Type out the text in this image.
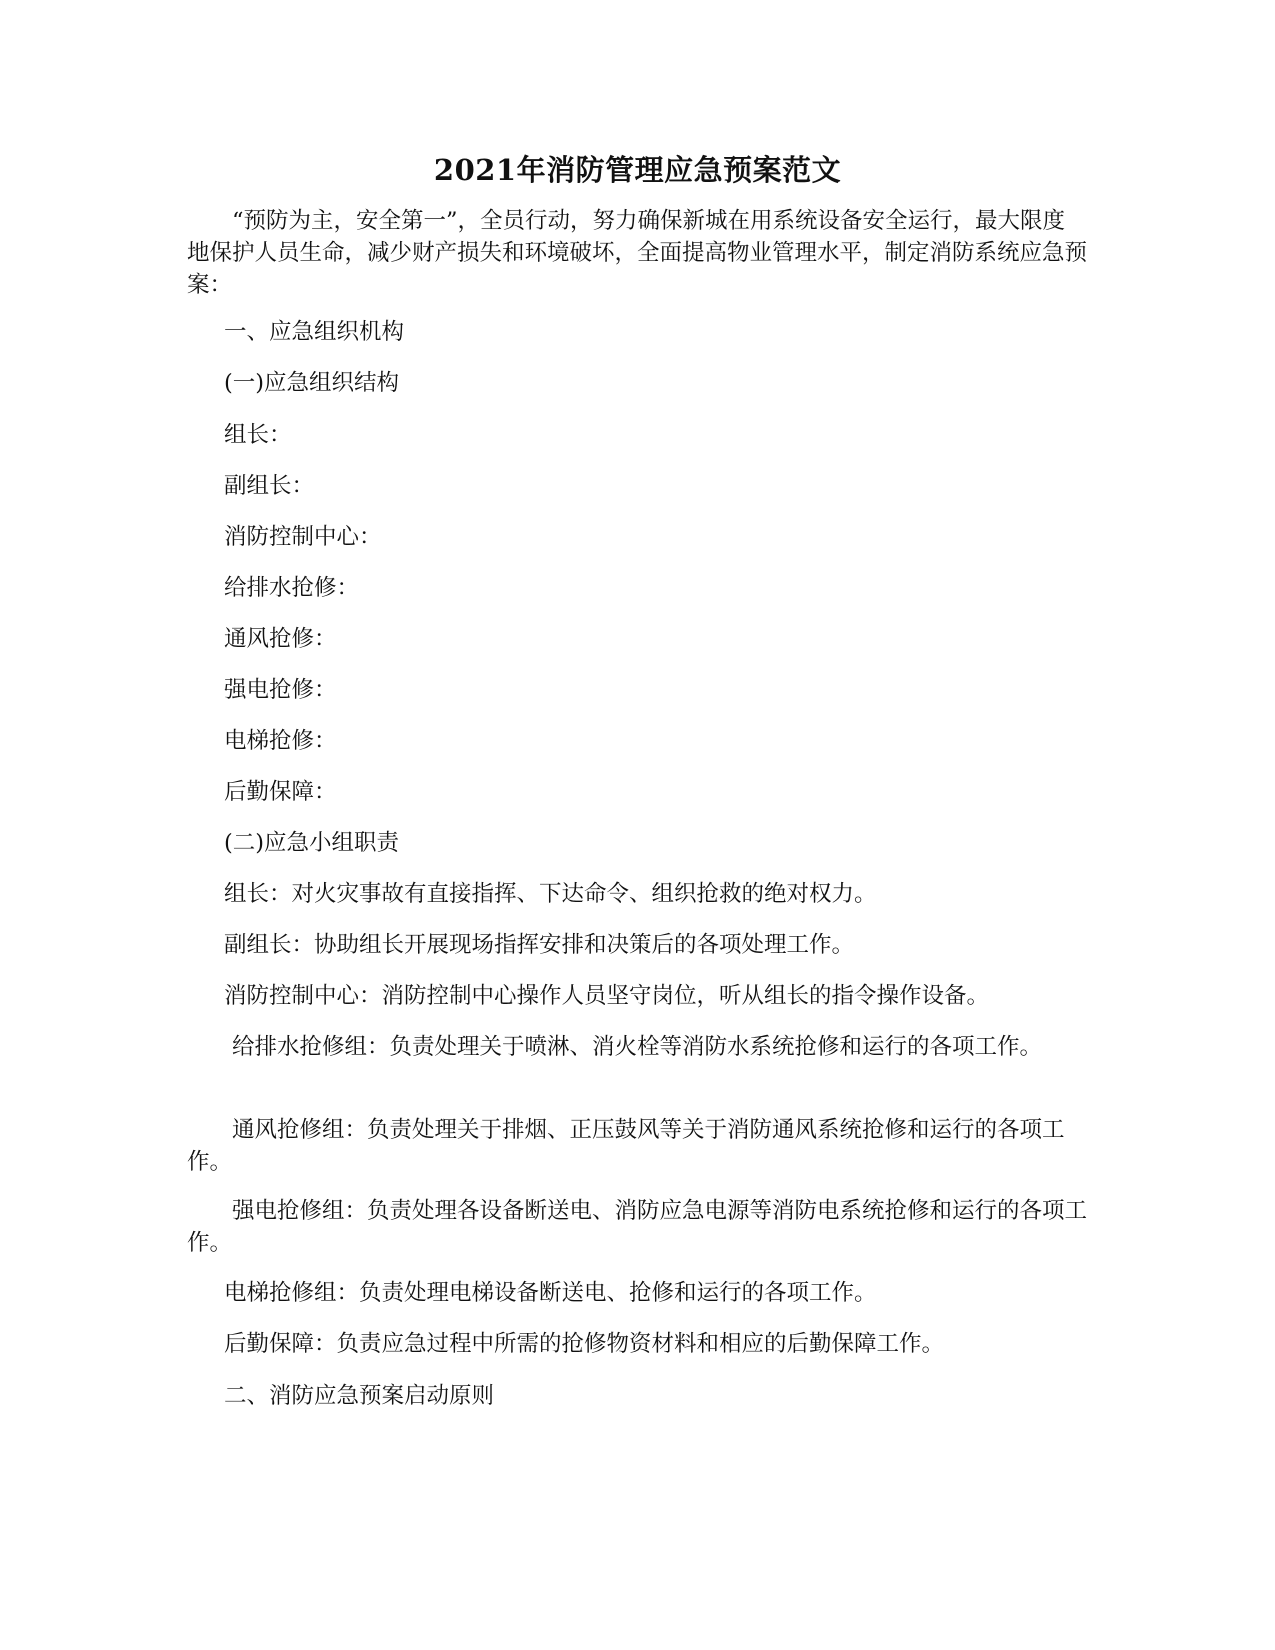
2021年消防管理应急预案范文

“预防为主，安全第一”，全员行动，努力确保新城在用系统设备安全运行，最大限度地保护人员生命，减少财产损失和环境破坏，全面提高物业管理水平，制定消防系统应急预案：

一、应急组织机构

(一)应急组织结构

组长：

副组长：

消防控制中心：

给排水抢修：

通风抢修：

强电抢修：

电梯抢修：

后勤保障：

(二)应急小组职责

组长：对火灾事故有直接指挥、下达命令、组织抢救的绝对权力。

副组长：协助组长开展现场指挥安排和决策后的各项处理工作。

消防控制中心：消防控制中心操作人员坚守岗位，听从组长的指令操作设备。

给排水抢修组：负责处理关于喷淋、消火栓等消防水系统抢修和运行的各项工作。

通风抢修组：负责处理关于排烟、正压鼓风等关于消防通风系统抢修和运行的各项工作。

强电抢修组：负责处理各设备断送电、消防应急电源等消防电系统抢修和运行的各项工作。

电梯抢修组：负责处理电梯设备断送电、抢修和运行的各项工作。

后勤保障：负责应急过程中所需的抢修物资材料和相应的后勤保障工作。

二、消防应急预案启动原则
